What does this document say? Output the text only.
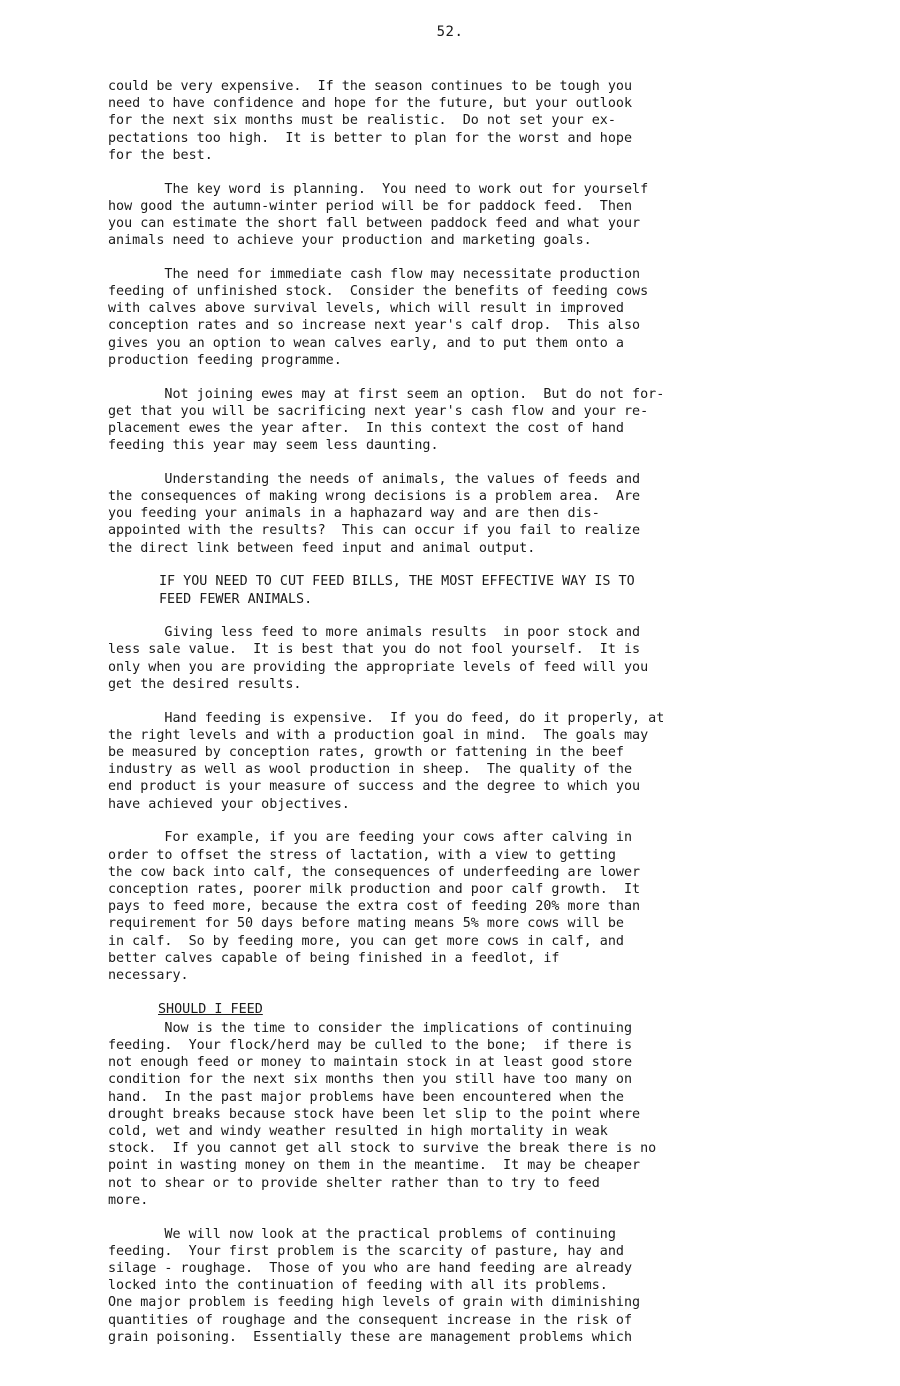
52.

could be very expensive.  If the season continues to be tough you
need to have confidence and hope for the future, but your outlook
for the next six months must be realistic.  Do not set your ex-
pectations too high.  It is better to plan for the worst and hope
for the best.

The key word is planning.  You need to work out for yourself
how good the autumn-winter period will be for paddock feed.  Then
you can estimate the short fall between paddock feed and what your
animals need to achieve your production and marketing goals.

The need for immediate cash flow may necessitate production
feeding of unfinished stock.  Consider the benefits of feeding cows
with calves above survival levels, which will result in improved
conception rates and so increase next year's calf drop.  This also
gives you an option to wean calves early, and to put them onto a
production feeding programme.

Not joining ewes may at first seem an option.  But do not for-
get that you will be sacrificing next year's cash flow and your re-
placement ewes the year after.  In this context the cost of hand
feeding this year may seem less daunting.

Understanding the needs of animals, the values of feeds and
the consequences of making wrong decisions is a problem area.  Are
you feeding your animals in a haphazard way and are then dis-
appointed with the results?  This can occur if you fail to realize
the direct link between feed input and animal output.

IF YOU NEED TO CUT FEED BILLS, THE MOST EFFECTIVE WAY IS TO
FEED FEWER ANIMALS.

Giving less feed to more animals results  in poor stock and
less sale value.  It is best that you do not fool yourself.  It is
only when you are providing the appropriate levels of feed will you
get the desired results.

Hand feeding is expensive.  If you do feed, do it properly, at
the right levels and with a production goal in mind.  The goals may
be measured by conception rates, growth or fattening in the beef
industry as well as wool production in sheep.  The quality of the
end product is your measure of success and the degree to which you
have achieved your objectives.

For example, if you are feeding your cows after calving in
order to offset the stress of lactation, with a view to getting
the cow back into calf, the consequences of underfeeding are lower
conception rates, poorer milk production and poor calf growth.  It
pays to feed more, because the extra cost of feeding 20% more than
requirement for 50 days before mating means 5% more cows will be
in calf.  So by feeding more, you can get more cows in calf, and
better calves capable of being finished in a feedlot, if
necessary.

SHOULD I FEED

Now is the time to consider the implications of continuing
feeding.  Your flock/herd may be culled to the bone;  if there is
not enough feed or money to maintain stock in at least good store
condition for the next six months then you still have too many on
hand.  In the past major problems have been encountered when the
drought breaks because stock have been let slip to the point where
cold, wet and windy weather resulted in high mortality in weak
stock.  If you cannot get all stock to survive the break there is no
point in wasting money on them in the meantime.  It may be cheaper
not to shear or to provide shelter rather than to try to feed
more.

We will now look at the practical problems of continuing
feeding.  Your first problem is the scarcity of pasture, hay and
silage - roughage.  Those of you who are hand feeding are already
locked into the continuation of feeding with all its problems.
One major problem is feeding high levels of grain with diminishing
quantities of roughage and the consequent increase in the risk of
grain poisoning.  Essentially these are management problems which
